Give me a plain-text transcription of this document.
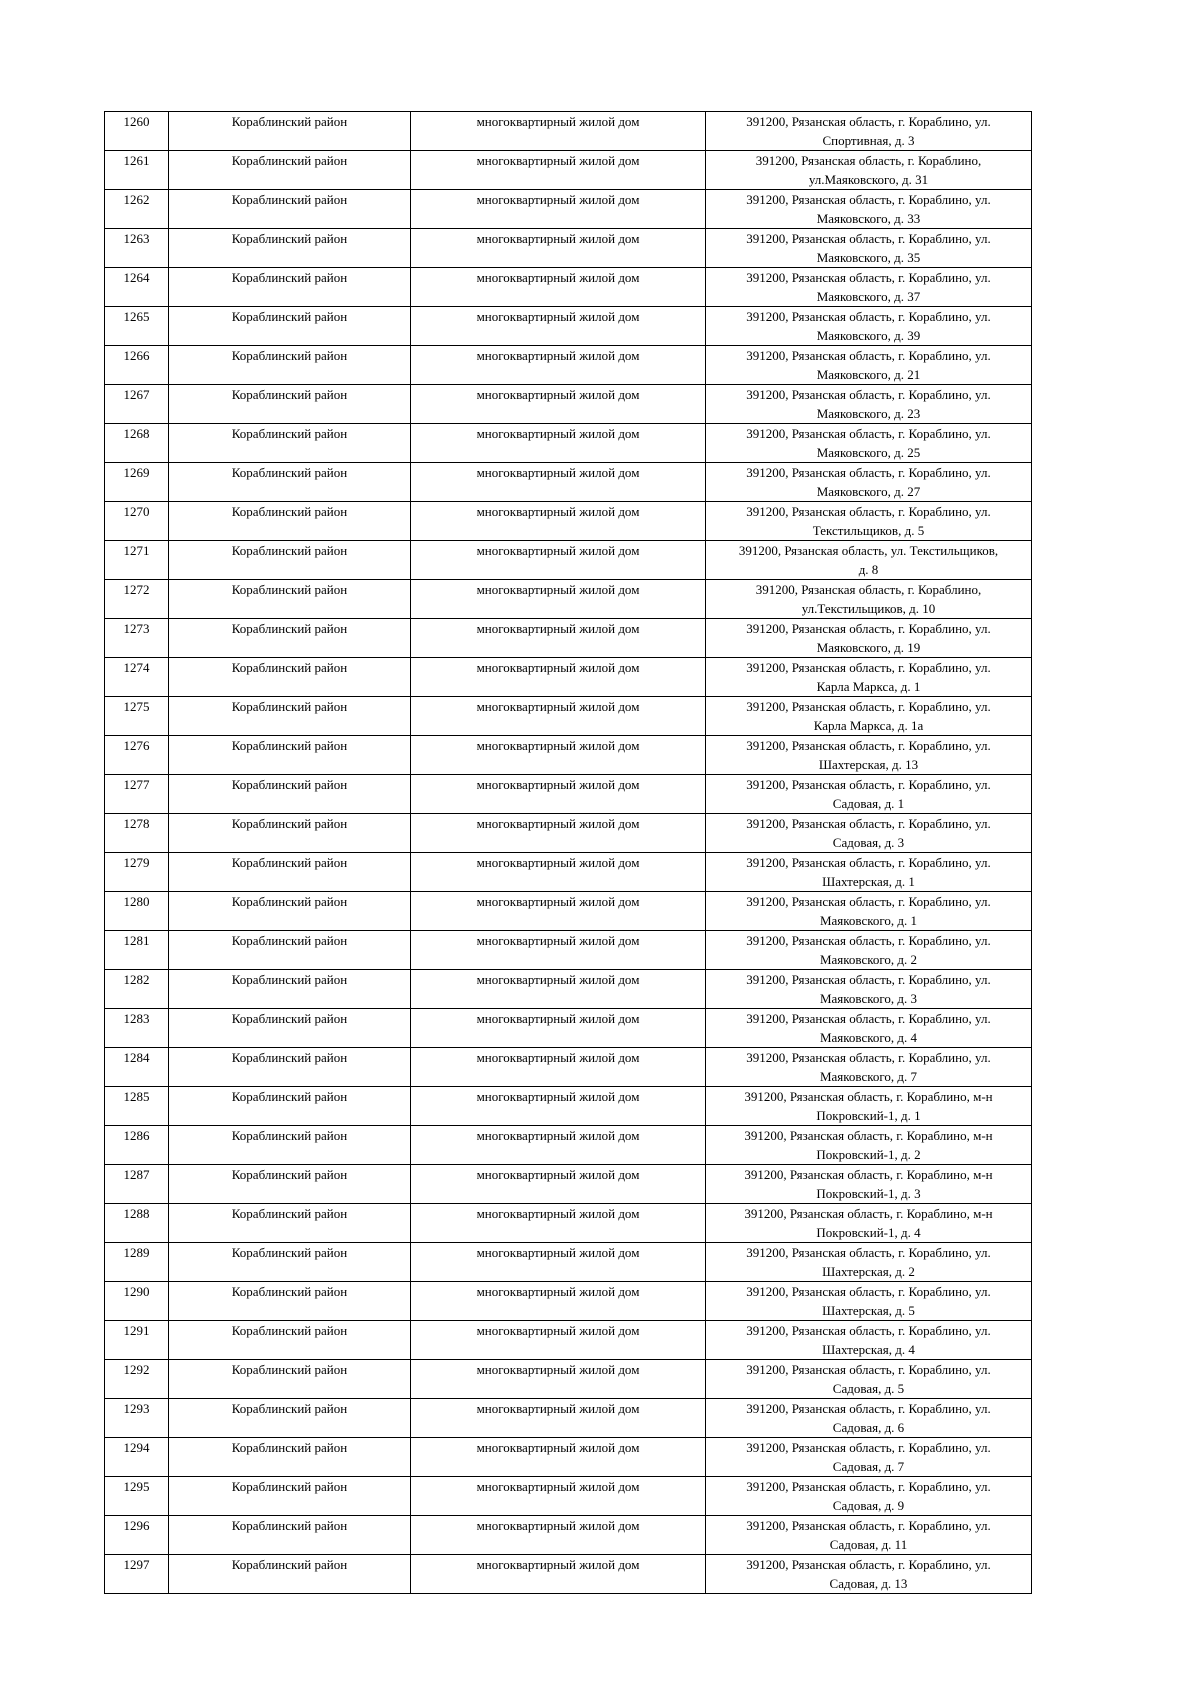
1260	Кораблинский район	многоквартирный жилой дом	391200, Рязанская область, г. Кораблино, ул.
Спортивная, д. 3

1261	Кораблинский район	многоквартирный жилой дом	391200, Рязанская область, г. Кораблино,
ул.Маяковского, д. 31

1262	Кораблинский район	многоквартирный жилой дом	391200, Рязанская область, г. Кораблино, ул.
Маяковского, д. 33

1263	Кораблинский район	многоквартирный жилой дом	391200, Рязанская область, г. Кораблино, ул.
Маяковского, д. 35

1264	Кораблинский район	многоквартирный жилой дом	391200, Рязанская область, г. Кораблино, ул.
Маяковского, д. 37

1265	Кораблинский район	многоквартирный жилой дом	391200, Рязанская область, г. Кораблино, ул.
Маяковского, д. 39

1266	Кораблинский район	многоквартирный жилой дом	391200, Рязанская область, г. Кораблино, ул.
Маяковского, д. 21

1267	Кораблинский район	многоквартирный жилой дом	391200, Рязанская область, г. Кораблино, ул.
Маяковского, д. 23

1268	Кораблинский район	многоквартирный жилой дом	391200, Рязанская область, г. Кораблино, ул.
Маяковского, д. 25

1269	Кораблинский район	многоквартирный жилой дом	391200, Рязанская область, г. Кораблино, ул.
Маяковского, д. 27

1270	Кораблинский район	многоквартирный жилой дом	391200, Рязанская область, г. Кораблино, ул.
Текстильщиков, д. 5

1271	Кораблинский район	многоквартирный жилой дом	391200, Рязанская область, ул. Текстильщиков,
д. 8

1272	Кораблинский район	многоквартирный жилой дом	391200, Рязанская область, г. Кораблино,
ул.Текстильщиков, д. 10

1273	Кораблинский район	многоквартирный жилой дом	391200, Рязанская область, г. Кораблино, ул.
Маяковского, д. 19

1274	Кораблинский район	многоквартирный жилой дом	391200, Рязанская область, г. Кораблино, ул.
Карла Маркса, д. 1

1275	Кораблинский район	многоквартирный жилой дом	391200, Рязанская область, г. Кораблино, ул.
Карла Маркса, д. 1а

1276	Кораблинский район	многоквартирный жилой дом	391200, Рязанская область, г. Кораблино, ул.
Шахтерская, д. 13

1277	Кораблинский район	многоквартирный жилой дом	391200, Рязанская область, г. Кораблино, ул.
Садовая, д. 1

1278	Кораблинский район	многоквартирный жилой дом	391200, Рязанская область, г. Кораблино, ул.
Садовая, д. 3

1279	Кораблинский район	многоквартирный жилой дом	391200, Рязанская область, г. Кораблино, ул.
Шахтерская, д. 1

1280	Кораблинский район	многоквартирный жилой дом	391200, Рязанская область, г. Кораблино, ул.
Маяковского, д. 1

1281	Кораблинский район	многоквартирный жилой дом	391200, Рязанская область, г. Кораблино, ул.
Маяковского, д. 2

1282	Кораблинский район	многоквартирный жилой дом	391200, Рязанская область, г. Кораблино, ул.
Маяковского, д. 3

1283	Кораблинский район	многоквартирный жилой дом	391200, Рязанская область, г. Кораблино, ул.
Маяковского, д. 4

1284	Кораблинский район	многоквартирный жилой дом	391200, Рязанская область, г. Кораблино, ул.
Маяковского, д. 7

1285	Кораблинский район	многоквартирный жилой дом	391200, Рязанская область, г. Кораблино, м-н
Покровский-1, д. 1

1286	Кораблинский район	многоквартирный жилой дом	391200, Рязанская область, г. Кораблино, м-н
Покровский-1, д. 2

1287	Кораблинский район	многоквартирный жилой дом	391200, Рязанская область, г. Кораблино, м-н
Покровский-1, д. 3

1288	Кораблинский район	многоквартирный жилой дом	391200, Рязанская область, г. Кораблино, м-н
Покровский-1, д. 4

1289	Кораблинский район	многоквартирный жилой дом	391200, Рязанская область, г. Кораблино, ул.
Шахтерская, д. 2

1290	Кораблинский район	многоквартирный жилой дом	391200, Рязанская область, г. Кораблино, ул.
Шахтерская, д. 5

1291	Кораблинский район	многоквартирный жилой дом	391200, Рязанская область, г. Кораблино, ул.
Шахтерская, д. 4

1292	Кораблинский район	многоквартирный жилой дом	391200, Рязанская область, г. Кораблино, ул.
Садовая, д. 5

1293	Кораблинский район	многоквартирный жилой дом	391200, Рязанская область, г. Кораблино, ул.
Садовая, д. 6

1294	Кораблинский район	многоквартирный жилой дом	391200, Рязанская область, г. Кораблино, ул.
Садовая, д. 7

1295	Кораблинский район	многоквартирный жилой дом	391200, Рязанская область, г. Кораблино, ул.
Садовая, д. 9

1296	Кораблинский район	многоквартирный жилой дом	391200, Рязанская область, г. Кораблино, ул.
Садовая, д. 11

1297	Кораблинский район	многоквартирный жилой дом	391200, Рязанская область, г. Кораблино, ул.
Садовая, д. 13
